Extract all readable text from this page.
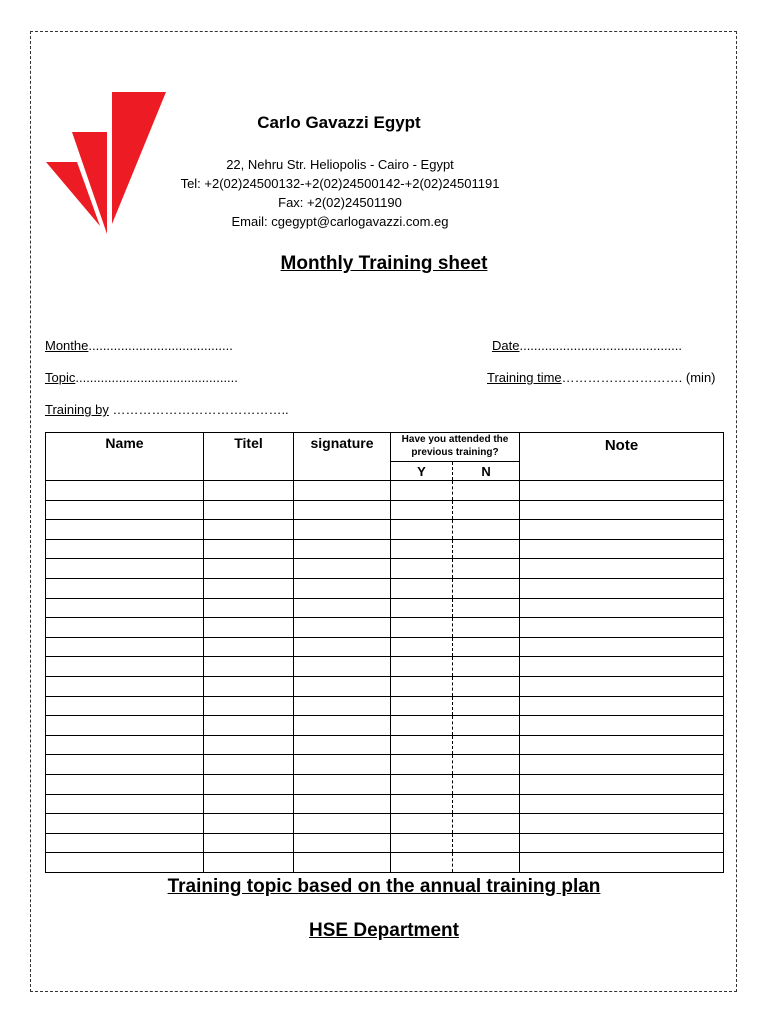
Carlo Gavazzi Egypt
22, Nehru Str. Heliopolis - Cairo - Egypt
Tel: +2(02)24500132-+2(02)24500142-+2(02)24501191
Fax: +2(02)24501190
Email: cgegypt@carlogavazzi.com.eg
Monthly Training sheet
Monthe........................................	Date.............................................
Topic.............................................	Training time………………………. (min)
Training by …………………………………..
Name	Titel	signature	Have you attended the previous training?		Note
			Y	N	

Training topic based on the annual training plan
HSE Department
